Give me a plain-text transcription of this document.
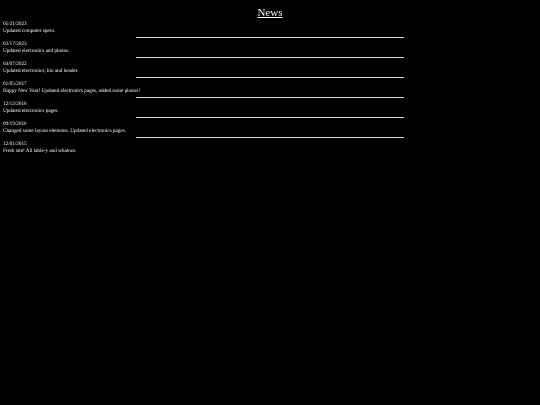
News
05/21/2023
Updated computer specs.
02/17/2023
Updated electronics and photos.
04/07/2022
Updated electronics, bio and header.
01/05/2017
Happy New Year! Updated electronics pages, added some photos!
12/12/2016
Updated electronics pages.
09/19/2016
Changed some layout elements. Updated electronics pages.
12/01/2015
Fresh site! All table-y and whatnot.
